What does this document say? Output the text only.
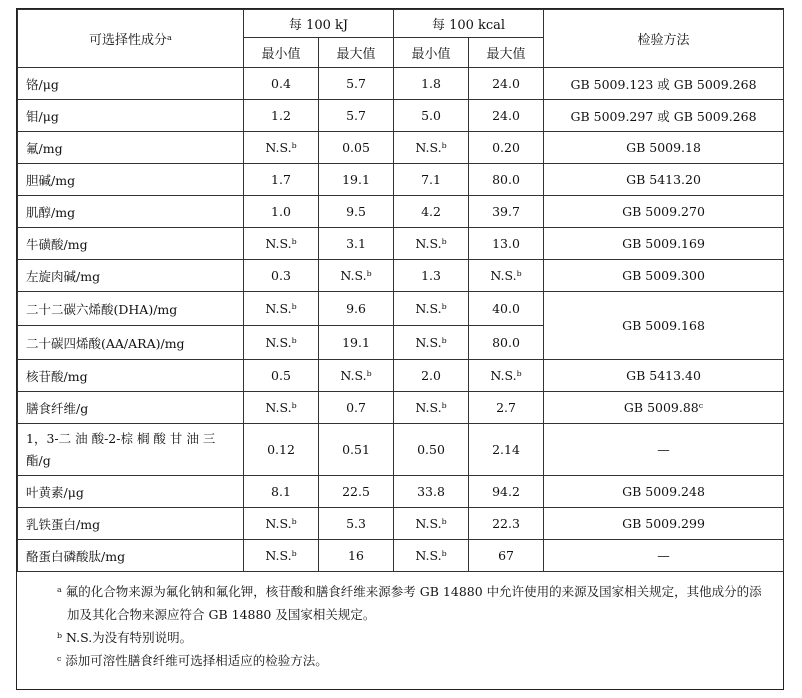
可选择性成分ᵃ	每 100 kJ		每 100 kcal		检验方法
	最小值	最大值	最小值	最大值	
铬/μg	0.4	5.7	1.8	24.0	GB 5009.123 或 GB 5009.268
钼/μg	1.2	5.7	5.0	24.0	GB 5009.297 或 GB 5009.268
氟/mg	N.S.ᵇ	0.05	N.S.ᵇ	0.20	GB 5009.18
胆碱/mg	1.7	19.1	7.1	80.0	GB 5413.20
肌醇/mg	1.0	9.5	4.2	39.7	GB 5009.270
牛磺酸/mg	N.S.ᵇ	3.1	N.S.ᵇ	13.0	GB 5009.169
左旋肉碱/mg	0.3	N.S.ᵇ	1.3	N.S.ᵇ	GB 5009.300
二十二碳六烯酸(DHA)/mg	N.S.ᵇ	9.6	N.S.ᵇ	40.0	GB 5009.168
二十碳四烯酸(AA/ARA)/mg	N.S.ᵇ	19.1	N.S.ᵇ	80.0	
核苷酸/mg	0.5	N.S.ᵇ	2.0	N.S.ᵇ	GB 5413.40
膳食纤维/g	N.S.ᵇ	0.7	N.S.ᵇ	2.7	GB 5009.88ᶜ
1，3-二 油 酸-2-棕 榈 酸 甘 油 三 酯/g	0.12	0.51	0.50	2.14	—
叶黄素/μg	8.1	22.5	33.8	94.2	GB 5009.248
乳铁蛋白/mg	N.S.ᵇ	5.3	N.S.ᵇ	22.3	GB 5009.299
酪蛋白磷酸肽/mg	N.S.ᵇ	16	N.S.ᵇ	67	—

ᵃ 氟的化合物来源为氟化钠和氟化钾，核苷酸和膳食纤维来源参考 GB 14880 中允许使用的来源及国家相关规定，其他成分的添加及其化合物来源应符合 GB 14880 及国家相关规定。

ᵇ N.S.为没有特别说明。

ᶜ 添加可溶性膳食纤维可选择相适应的检验方法。
